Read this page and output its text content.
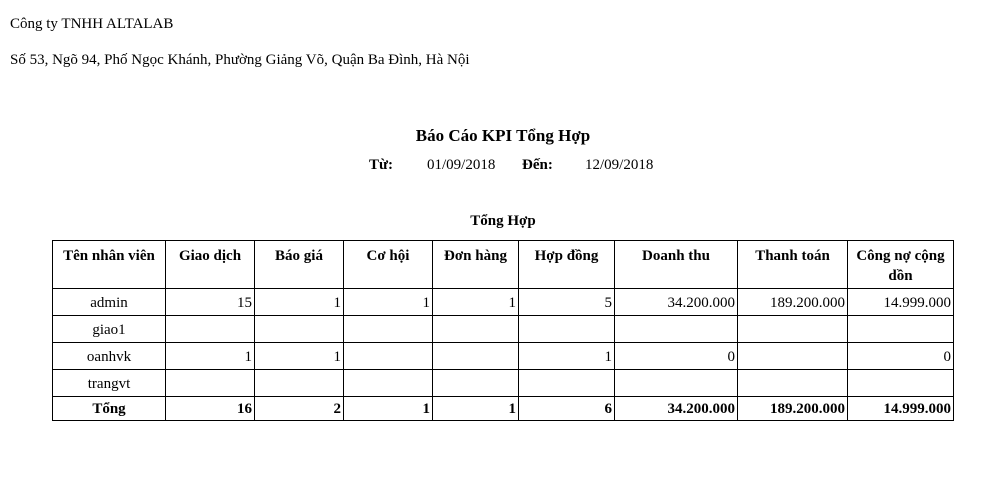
Công ty TNHH ALTALAB
Số 53, Ngõ 94, Phố Ngọc Khánh, Phường Giảng Võ, Quận Ba Đình, Hà Nội
Báo Cáo KPI Tổng Hợp
Từ: 01/09/2018 Đến: 12/09/2018
Tổng Hợp
Tên nhân viên	Giao dịch	Báo giá	Cơ hội	Đơn hàng	Hợp đồng	Doanh thu	Thanh toán	Công nợ cộng dồn
admin	15	1	1	1	5	34.200.000	189.200.000	14.999.000
giao1								
oanhvk	1	1			1	0		0
trangvt								
Tổng	16	2	1	1	6	34.200.000	189.200.000	14.999.000
